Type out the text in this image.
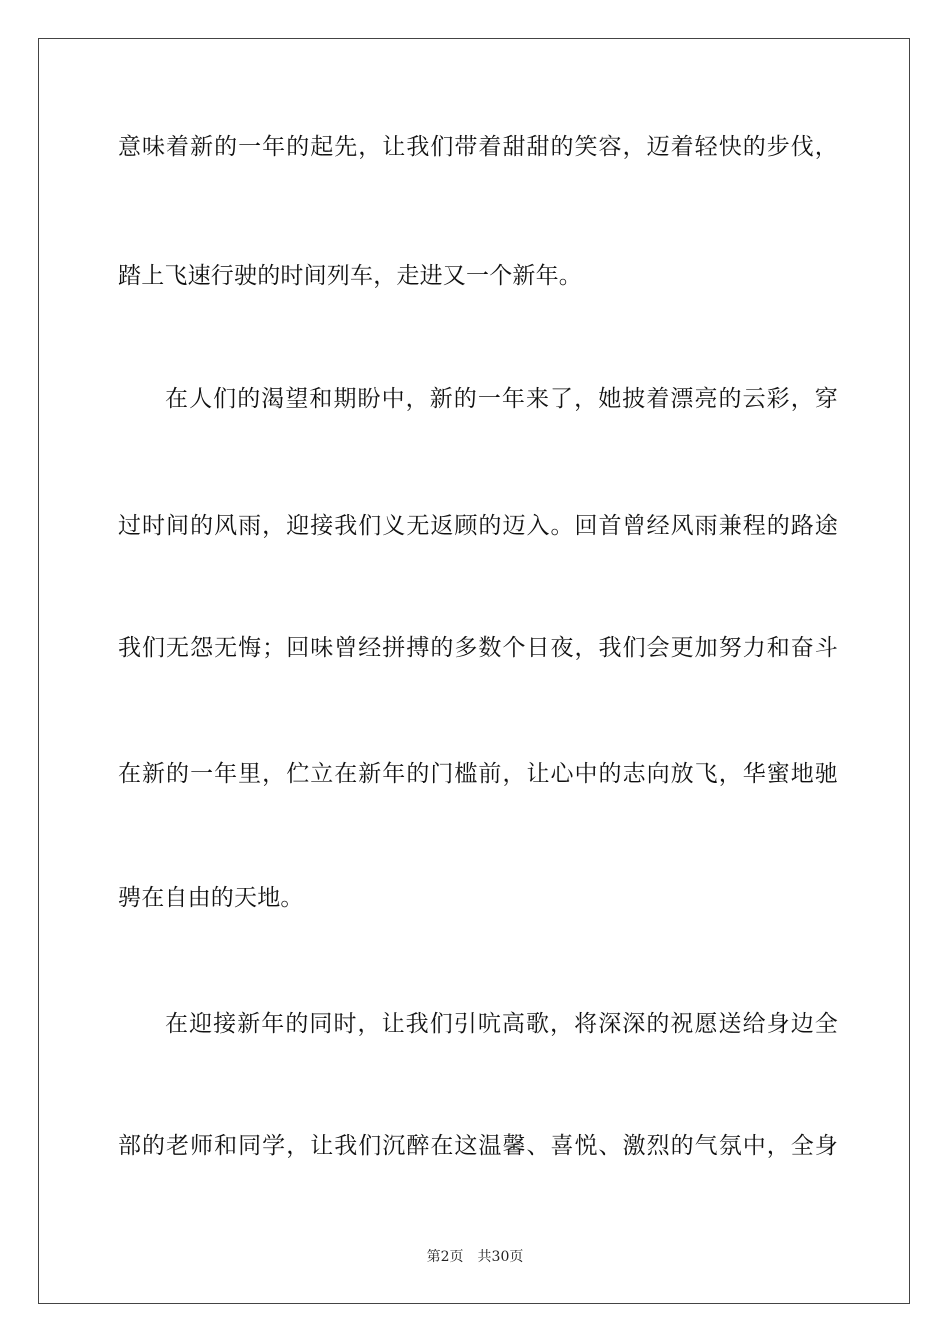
意味着新的一年的起先，让我们带着甜甜的笑容，迈着轻快的步伐，
踏上飞速行驶的时间列车，走进又一个新年。
在人们的渴望和期盼中，新的一年来了，她披着漂亮的云彩，穿
过时间的风雨，迎接我们义无返顾的迈入。回首曾经风雨兼程的路途
我们无怨无悔；回味曾经拼搏的多数个日夜，我们会更加努力和奋斗
在新的一年里，伫立在新年的门槛前，让心中的志向放飞，华蜜地驰
骋在自由的天地。
在迎接新年的同时，让我们引吭高歌，将深深的祝愿送给身边全
部的老师和同学，让我们沉醉在这温馨、喜悦、激烈的气氛中，全身
第2页 共30页
